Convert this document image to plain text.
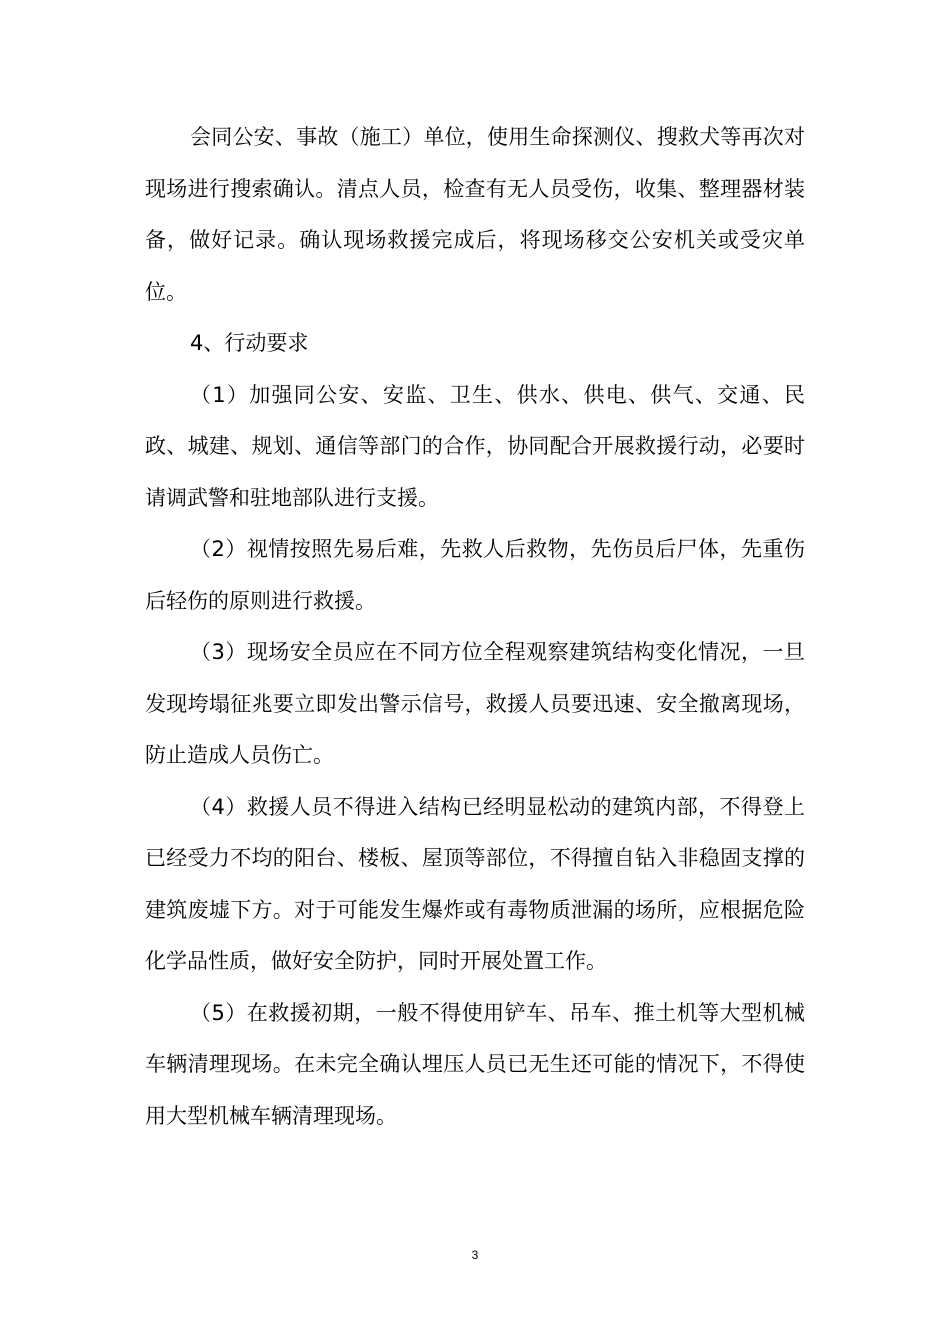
会同公安、事故（施工）单位，使用生命探测仪、搜救犬等再次对现场进行搜索确认。清点人员，检查有无人员受伤，收集、整理器材装备，做好记录。确认现场救援完成后，将现场移交公安机关或受灾单位。

4、行动要求

（1）加强同公安、安监、卫生、供水、供电、供气、交通、民政、城建、规划、通信等部门的合作，协同配合开展救援行动，必要时请调武警和驻地部队进行支援。

（2）视情按照先易后难，先救人后救物，先伤员后尸体，先重伤后轻伤的原则进行救援。

（3）现场安全员应在不同方位全程观察建筑结构变化情况，一旦发现垮塌征兆要立即发出警示信号，救援人员要迅速、安全撤离现场，防止造成人员伤亡。

（4）救援人员不得进入结构已经明显松动的建筑内部，不得登上已经受力不均的阳台、楼板、屋顶等部位，不得擅自钻入非稳固支撑的建筑废墟下方。对于可能发生爆炸或有毒物质泄漏的场所，应根据危险化学品性质，做好安全防护，同时开展处置工作。

（5）在救援初期，一般不得使用铲车、吊车、推土机等大型机械车辆清理现场。在未完全确认埋压人员已无生还可能的情况下，不得使用大型机械车辆清理现场。

3
